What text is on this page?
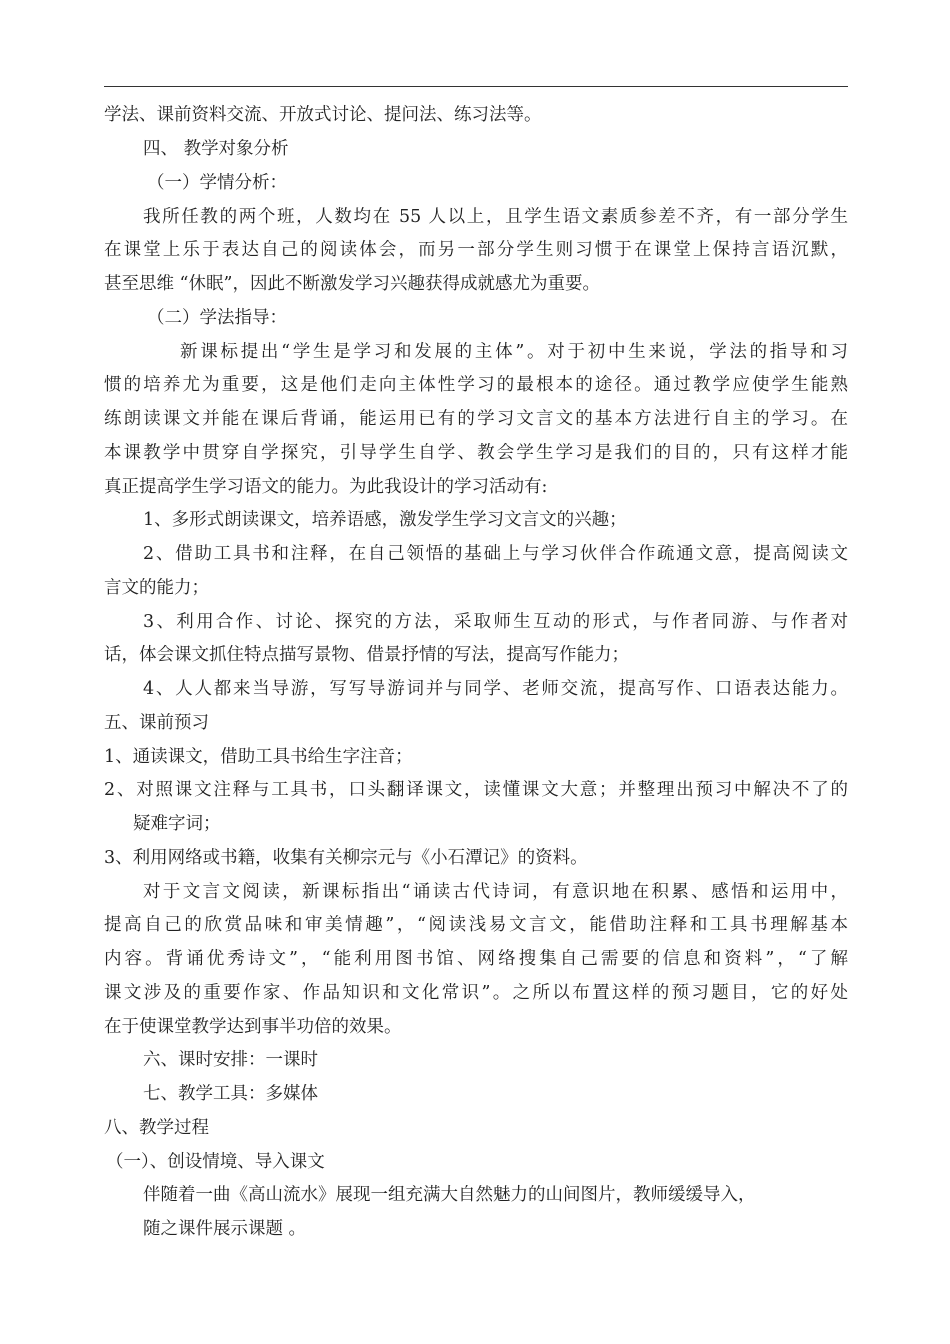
学法、课前资料交流、开放式讨论、提问法、练习法等。
四、 教学对象分析
（一）学情分析：
我所任教的两个班，人数均在 55 人以上，且学生语文素质参差不齐，有一部分学生
在课堂上乐于表达自己的阅读体会，而另一部分学生则习惯于在课堂上保持言语沉默，
甚至思维 “休眠”，因此不断激发学习兴趣获得成就感尤为重要。
（二）学法指导：
新课标提出“学生是学习和发展的主体”。对于初中生来说，学法的指导和习
惯的培养尤为重要，这是他们走向主体性学习的最根本的途径。通过教学应使学生能熟
练朗读课文并能在课后背诵，能运用已有的学习文言文的基本方法进行自主的学习。在
本课教学中贯穿自学探究，引导学生自学、教会学生学习是我们的目的，只有这样才能
真正提高学生学习语文的能力。为此我设计的学习活动有:
1、多形式朗读课文，培养语感，激发学生学习文言文的兴趣；
2、借助工具书和注释，在自己领悟的基础上与学习伙伴合作疏通文意，提高阅读文
言文的能力；
3、利用合作、讨论、探究的方法，采取师生互动的形式，与作者同游、与作者对
话，体会课文抓住特点描写景物、借景抒情的写法，提高写作能力；
4、人人都来当导游，写写导游词并与同学、老师交流，提高写作、口语表达能力。
五、课前预习
1、通读课文，借助工具书给生字注音；
2、对照课文注释与工具书，口头翻译课文，读懂课文大意；并整理出预习中解决不了的
疑难字词；
3、利用网络或书籍，收集有关柳宗元与《小石潭记》的资料。
对于文言文阅读，新课标指出“诵读古代诗词，有意识地在积累、感悟和运用中，
提高自己的欣赏品味和审美情趣”，“阅读浅易文言文，能借助注释和工具书理解基本
内容。背诵优秀诗文”，“能利用图书馆、网络搜集自己需要的信息和资料”，“了解
课文涉及的重要作家、作品知识和文化常识”。之所以布置这样的预习题目，它的好处
在于使课堂教学达到事半功倍的效果。
六、课时安排：一课时
七、教学工具：多媒体
八、教学过程
（一）、创设情境、导入课文
伴随着一曲《高山流水》展现一组充满大自然魅力的山间图片，教师缓缓导入，
随之课件展示课题 。
